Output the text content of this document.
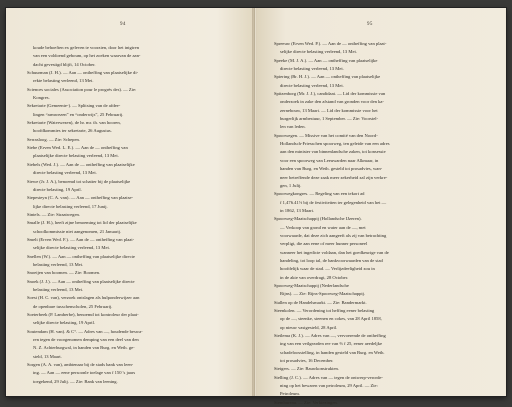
94
koude behoeften ex geleven te voorzien, door het intgiren
van een voldoend geboum, op het zoeken waarvan de aan-
dacht gevestigd blijft, 14 October.
Schuurman (J. H.). — Aan — ontheffing van plaatselijke di-
rekte belasting verleend, 13 Mei.
Sciences sociales (Association pour le progrès des). — Zie:
Kongres.
Sekretarie (Gemeente-). — Splitsing van de afdee-
lingen “armwezen” en “onderwijs”, 25 Februarij.
Sekretarie (Waterwezen), de hr. mr. th. van hooren,
hoofdkommies ter sekretarie, 26 Augustus.
Serrasloog. — Zie: Schepen.
Siebe (Erven Wed. L. E.). — Aan de — ontheffing van
plaatselijke directe belasting verleend, 13 Mei.
Siebels (Wed. J.). — Aan de — ontheffing van plaatselijke
directe belasting verleend, 13 Mei.
Siewe (Jr. J. A.), benoemd tot schatter bij de plaatselijke
directe belasting, 19 April.
Siepesteyn (C. A. van). — Aan — ontheffing van plaatse-
lijke directe belasting verleend, 17 Junij.
Sintels. — Zie: Straatwegen.
Smalle (J. H.), heeft zijne benoeming tot lid der plaatselijke
schoolkommissie niet aangenomen, 21 Januarij.
Smelt (Erven Wed. F.). — Aan de — ontheffing van plaat-
selijke directe belasting verleend, 13 Mei.
Snellen (W.). — Aan — ontheffing van plaatselijke directe
belasting verleend, 13 Mei.
Snoeijen van boomen. — Zie: Boomen.
Snoek (J. J.). — Aan — ontheffing van plaatselijke directe
belasting verleend, 13 Mei.
Soest (H. C. van), verzoek ontslagen als hulponderwijzer aan
de openbare tusschenscholen, 25 Februarij.
Soeterbeek (P. Lamberbe), benoemd tot kontroleur der plaat-
selijke directe belasting, 19 April.
Soutendam (H. van). & C°. — Adres van —, houdende beswa-
ren tegen de voorgenomen demping van een deel van den
N. Z. Achterburgwal, in handen van Burg. en Weth. ge-
steld, 13 Maart.
Sorgen (A. A. van), ambtenaar bij de stads bank van leen-
ing. — Aan — eene persoonle toelage van f 150 's jaars
toegekend, 29 Julij. — Zie: Bank van leening.
95
Spreeuw (Erven Wed. P.). — Aan de — ontheffing van plaat-
selijke directe belasting verleend, 13 Mei.
Speeke (M. J. A.). — Aan — ontheffing van plaatselijke
directe belasting verleend, 13 Mei.
Spiering (Br. H. J.). — Aan — ontheffing van plaatselijke
directe belasting verleend, 13 Mei.
Spitzenborg (Mr. J. J.), candidaat. — Lid der kommissie van
onderzoek in zake den afstand van gronden voor den ka-
zernebouw, 13 Maart. — Lid der kommissie voor het
burgerlijk armbestuur, 1 September. — Zie: Voorstel-
len van leden.
Spoorwegen. — Missive van het comité van den Noord-
Hollandsch-Friesschen spoorweg, ten geleide van een adres
aan den minister van binnenlandsche zaken, tot konsessie
voor een spoorweg van Leeuwarden naar Alkmaar, in
handen van Burg. en Weth. gesteld tot prosadvies, wan-
neer betreffende deze zaak meer zekerheid zal zijn verkre-
gen, 1 Julij.
Spoorwegkongres. — Regeling van een tekort ad
f 1,476.41½ bij de festiviteiten ter gelegenheid van het —
in 1862, 13 Maart.
Spoorweg-Maatschappij (Hollandsche IJzeren).
— Verkoop van grond en water aan de —, met
voorwaarde, dat deze zich aangeeft als zij van betrachting
verpligt, die aan eene of meer hunner personeel
wanneer het ingedicte voldaan, dan het goedkeurige van de
handeling, tot loop tal, de bankvoorwaarden van de stad
hoofdelijk waar de stad. — Verlijzdeeligheid zou in
in de akte van overdragt, 28 October.
Spoorweg-Maatschappij (Nederlandsche
Rijns). — Zie: Rijns-Spoorweg-Maatschappij.
Stallen op de Handelsmarkt. — Zie: Bandermarkt.
Steenkolen. — Verordening tot heffing eener belasting
op de —, steenke, steenen en cokes, van 28 April 1858,
op nieuw vastgesteld, 28 April.
Steilema (K. J.). — Adres van —, vervoerende de ontheffing
ing van een veilgearden ree van ⅔ f 25, eener aeedeljke
schadeloosstelling, in handen gesteld van Burg. en Weth.
tot prosadvies, 16 December.
Steigers. — Zie: Bauwkonstrukten.
Stelling (J. C.). — Adres van — tegen de ontwerp-verorde-
ning op het bewaren van petroleum, 29 April. — Zie:
Petroleum.
Stembureau. — Zie: Verkiezingen.
